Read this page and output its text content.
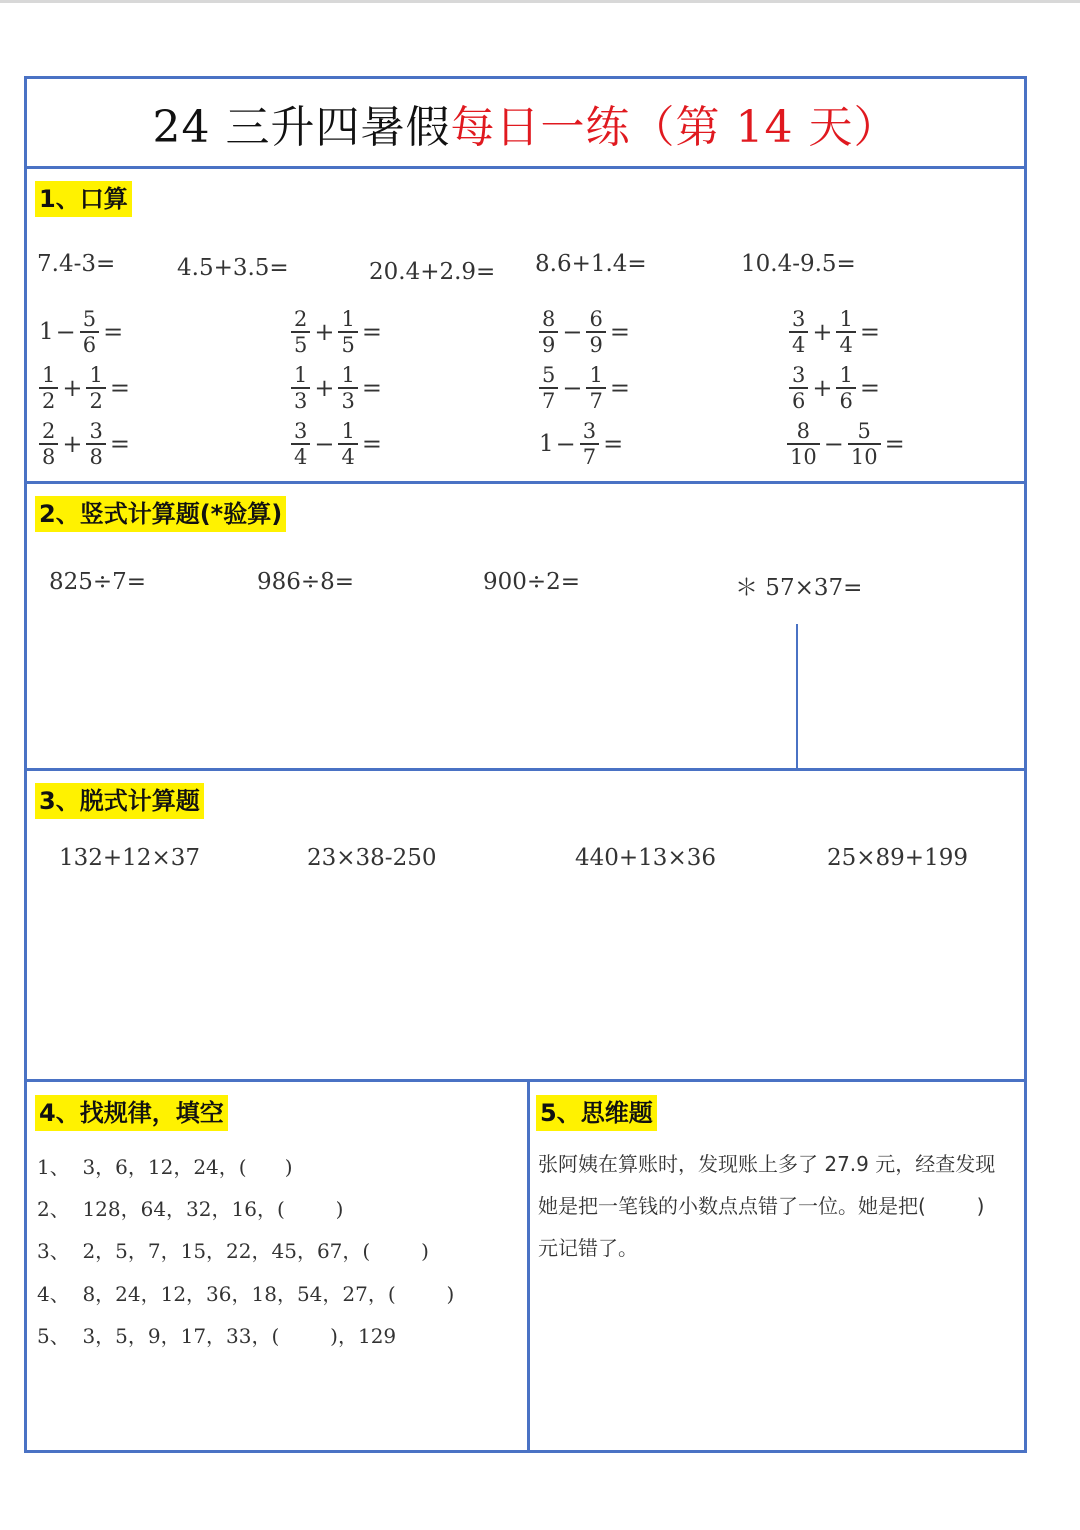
24 三升四暑假 每日一练（第 14 天）
1、口算
7.4-3=	4.5+3.5=	20.4+2.9= 8.6+1.4=	10.4-9.5=
$1 - \frac{5}{6}$ =	$\frac{2}{5} + \frac{1}{5}$ =	$\frac{8}{9} - \frac{6}{9}$ =	$\frac{3}{4} + \frac{1}{4}$ =
$\frac{1}{2} + \frac{1}{2}$ =	$\frac{1}{3} + \frac{1}{3}$ =	$\frac{5}{7} - \frac{1}{7}$ =	$\frac{3}{6} + \frac{1}{6}$ =
$\frac{2}{8} + \frac{3}{8}$ =	$\frac{3}{4} - \frac{1}{4}$ =	$1 - \frac{3}{7}$ =	$\frac{8}{10} - \frac{5}{10}$ =
2、竖式计算题(*验算)
825÷7=	986÷8=	900÷2=	＊ 57×37=
3、脱式计算题
132+12×37	23×38-250	440+13×36	25×89+199
4、找规律，填空
1、  3，6，12，24，(      )
2、  128，64，32，16，(        )
3、  2，5，7，15，22，45，67，(        )
4、  8，24，12，36，18，54，27，(        )
5、  3，5，9，17，33，(        )，129
5、思维题
张阿姨在算账时，发现账上多了 27.9 元，经查发现
她是把一笔钱的小数点点错了一位。她是把(        )
元记错了。
